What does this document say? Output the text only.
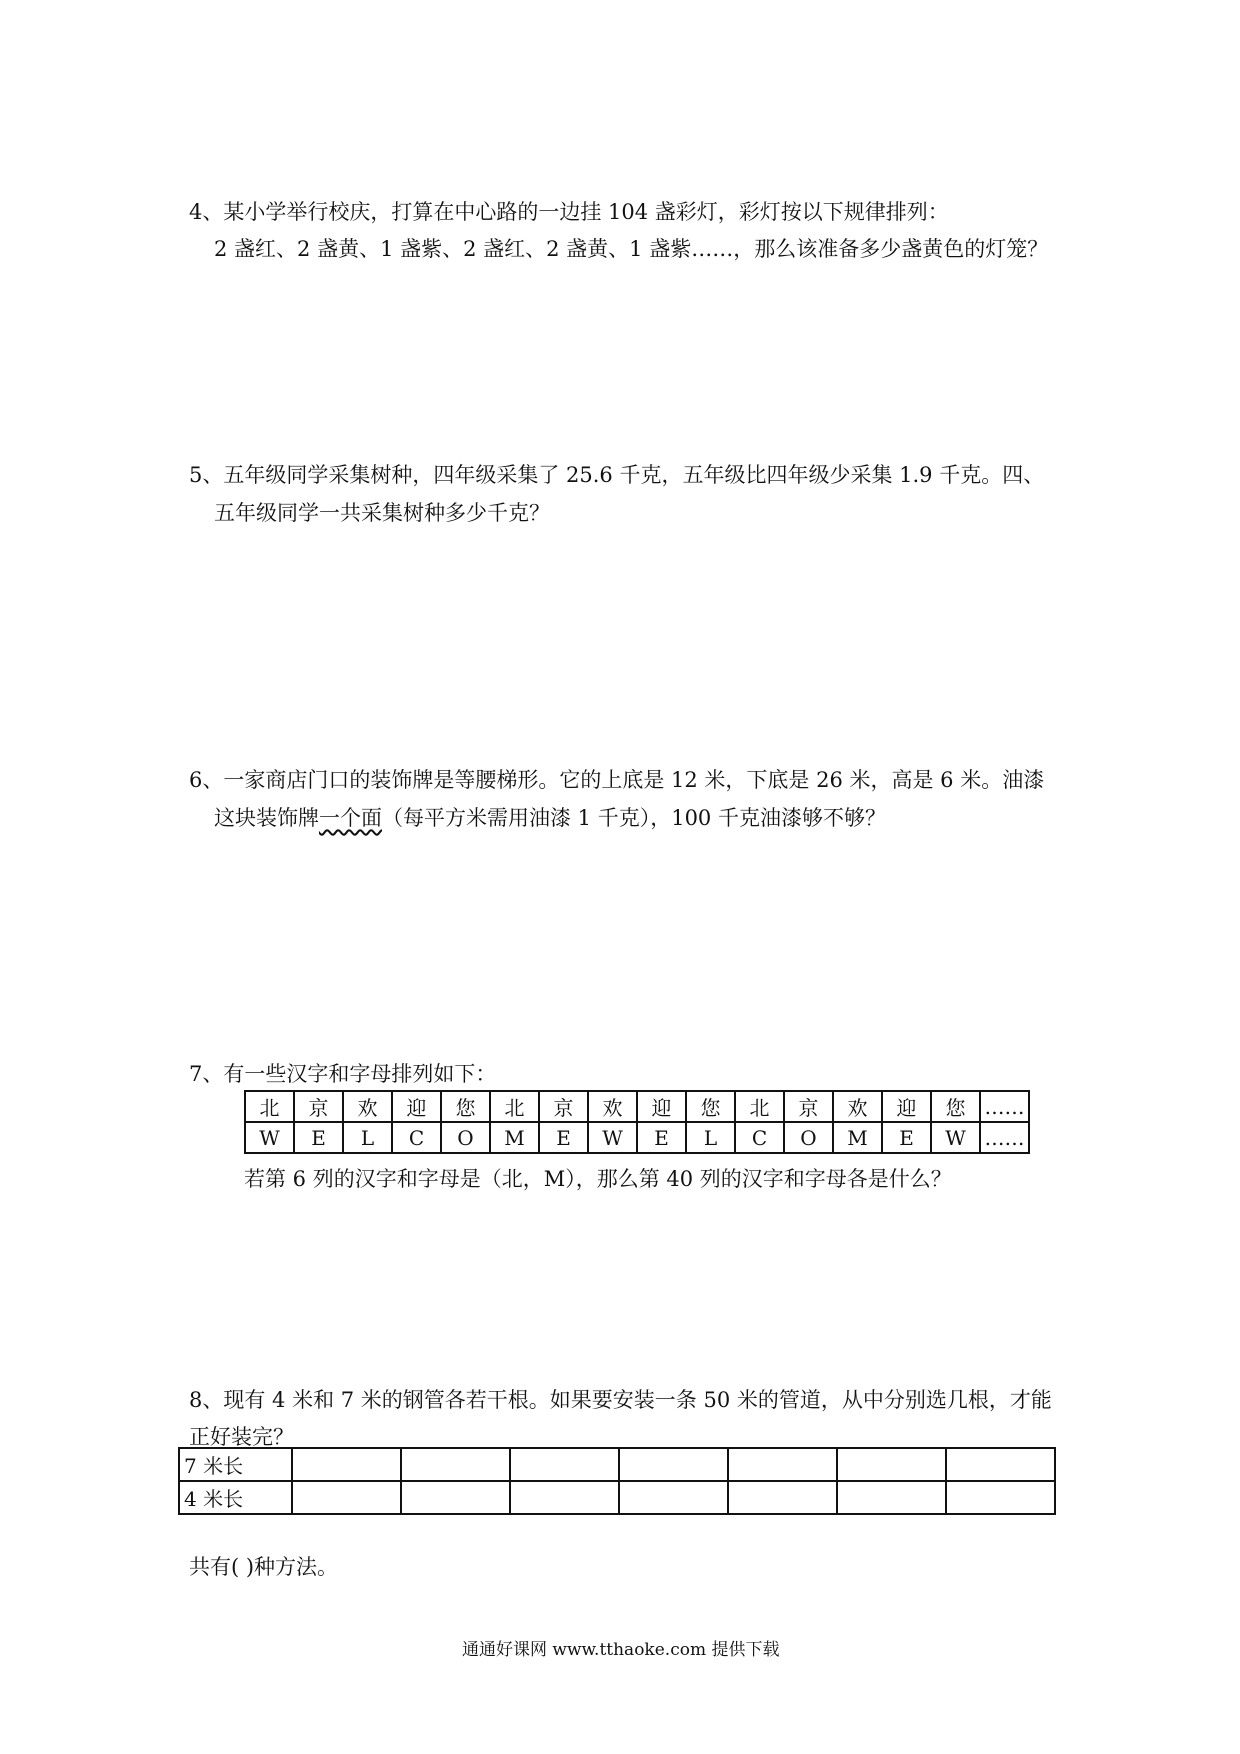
4、某小学举行校庆，打算在中心路的一边挂 104 盏彩灯，彩灯按以下规律排列：
2 盏红、2 盏黄、1 盏紫、2 盏红、2 盏黄、1 盏紫……，那么该准备多少盏黄色的灯笼？
5、五年级同学采集树种，四年级采集了 25.6 千克，五年级比四年级少采集 1.9 千克。四、
五年级同学一共采集树种多少千克？
6、一家商店门口的装饰牌是等腰梯形。它的上底是 12 米，下底是 26 米，高是 6 米。油漆
这块装饰牌一个面（每平方米需用油漆 1 千克），100 千克油漆够不够？
7、有一些汉字和字母排列如下：
北	京	欢	迎	您	北	京	欢	迎	您	北	京	欢	迎	您	……
W	E	L	C	O	M	E	W	E	L	C	O	M	E	W	……
若第 6 列的汉字和字母是（北，M），那么第 40 列的汉字和字母各是什么？
8、现有 4 米和 7 米的钢管各若干根。如果要安装一条 50 米的管道，从中分别选几根，才能
正好装完？
7 米长							
4 米长							
共有( )种方法。
通通好课网 www.tthaoke.com 提供下载
